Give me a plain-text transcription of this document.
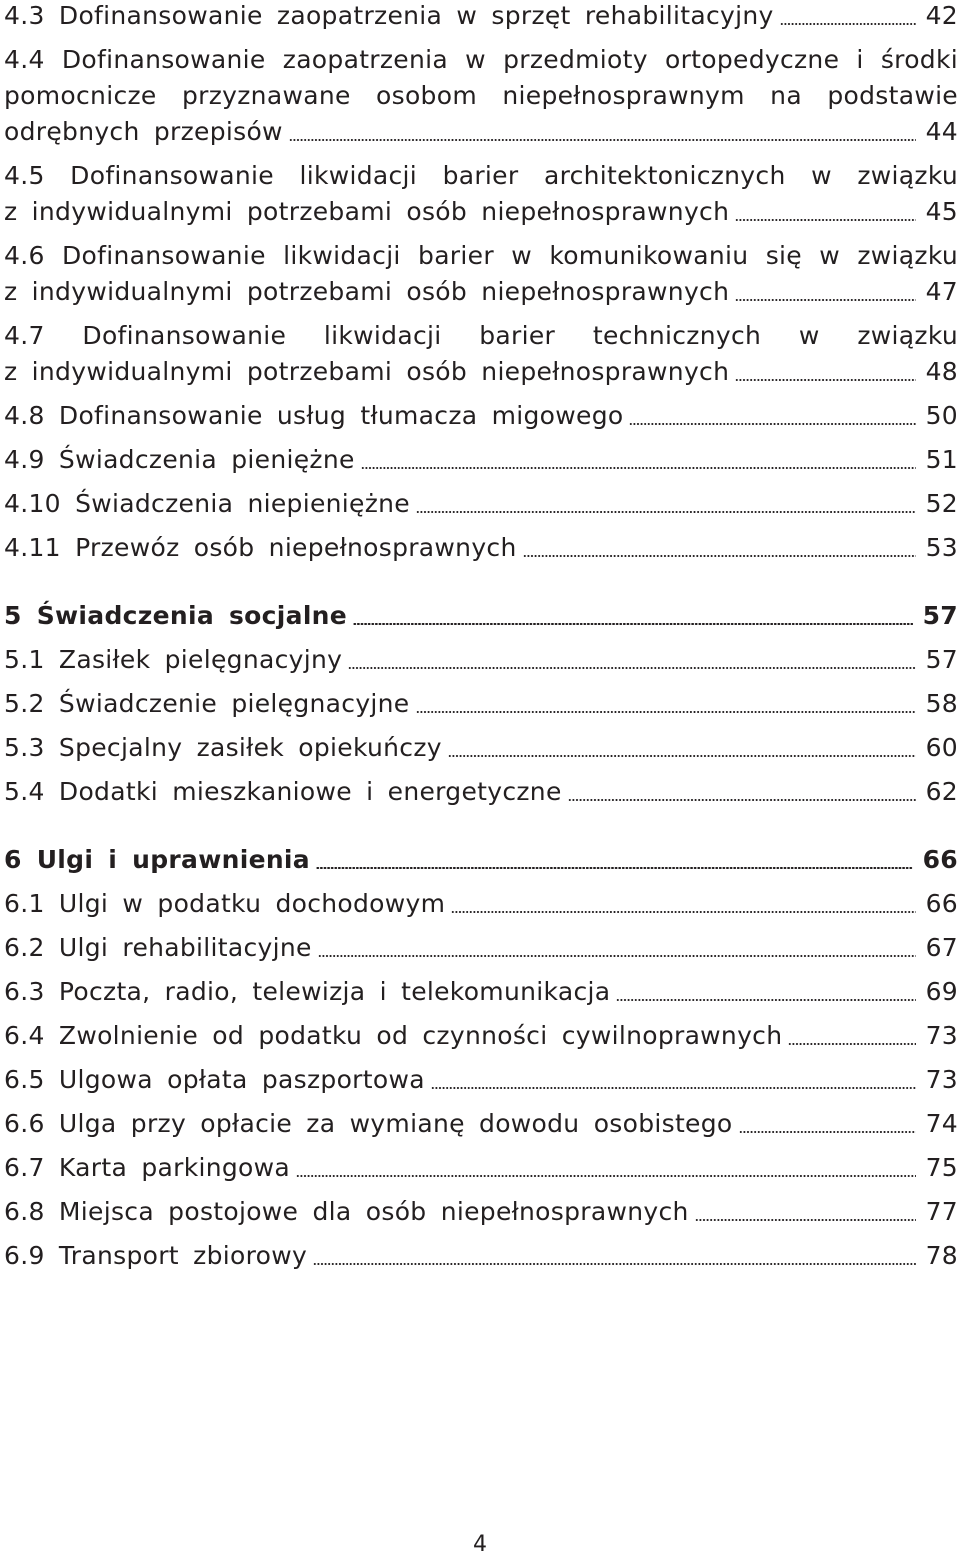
4.3 Dofinansowanie zaopatrzenia w sprzęt rehabilitacyjny	42
4.4 Dofinansowanie zaopatrzenia w przedmioty ortopedyczne i środki
pomocnicze przyznawane osobom niepełnosprawnym na podstawie
odrębnych przepisów	44
4.5 Dofinansowanie likwidacji barier architektonicznych w związku
z indywidualnymi potrzebami osób niepełnosprawnych	45
4.6 Dofinansowanie likwidacji barier w komunikowaniu się w związku
z indywidualnymi potrzebami osób niepełnosprawnych	47
4.7 Dofinansowanie likwidacji barier technicznych w związku
z indywidualnymi potrzebami osób niepełnosprawnych	48
4.8 Dofinansowanie usług tłumacza migowego	50
4.9 Świadczenia pieniężne	51
4.10 Świadczenia niepieniężne	52
4.11 Przewóz osób niepełnosprawnych	53
5 Świadczenia socjalne	57
5.1 Zasiłek pielęgnacyjny	57
5.2 Świadczenie pielęgnacyjne	58
5.3 Specjalny zasiłek opiekuńczy	60
5.4 Dodatki mieszkaniowe i energetyczne	62
6 Ulgi i uprawnienia	66
6.1 Ulgi w podatku dochodowym	66
6.2 Ulgi rehabilitacyjne	67
6.3 Poczta, radio, telewizja i telekomunikacja	69
6.4 Zwolnienie od podatku od czynności cywilnoprawnych	73
6.5 Ulgowa opłata paszportowa	73
6.6 Ulga przy opłacie za wymianę dowodu osobistego	74
6.7 Karta parkingowa	75
6.8 Miejsca postojowe dla osób niepełnosprawnych	77
6.9 Transport zbiorowy	78
4
